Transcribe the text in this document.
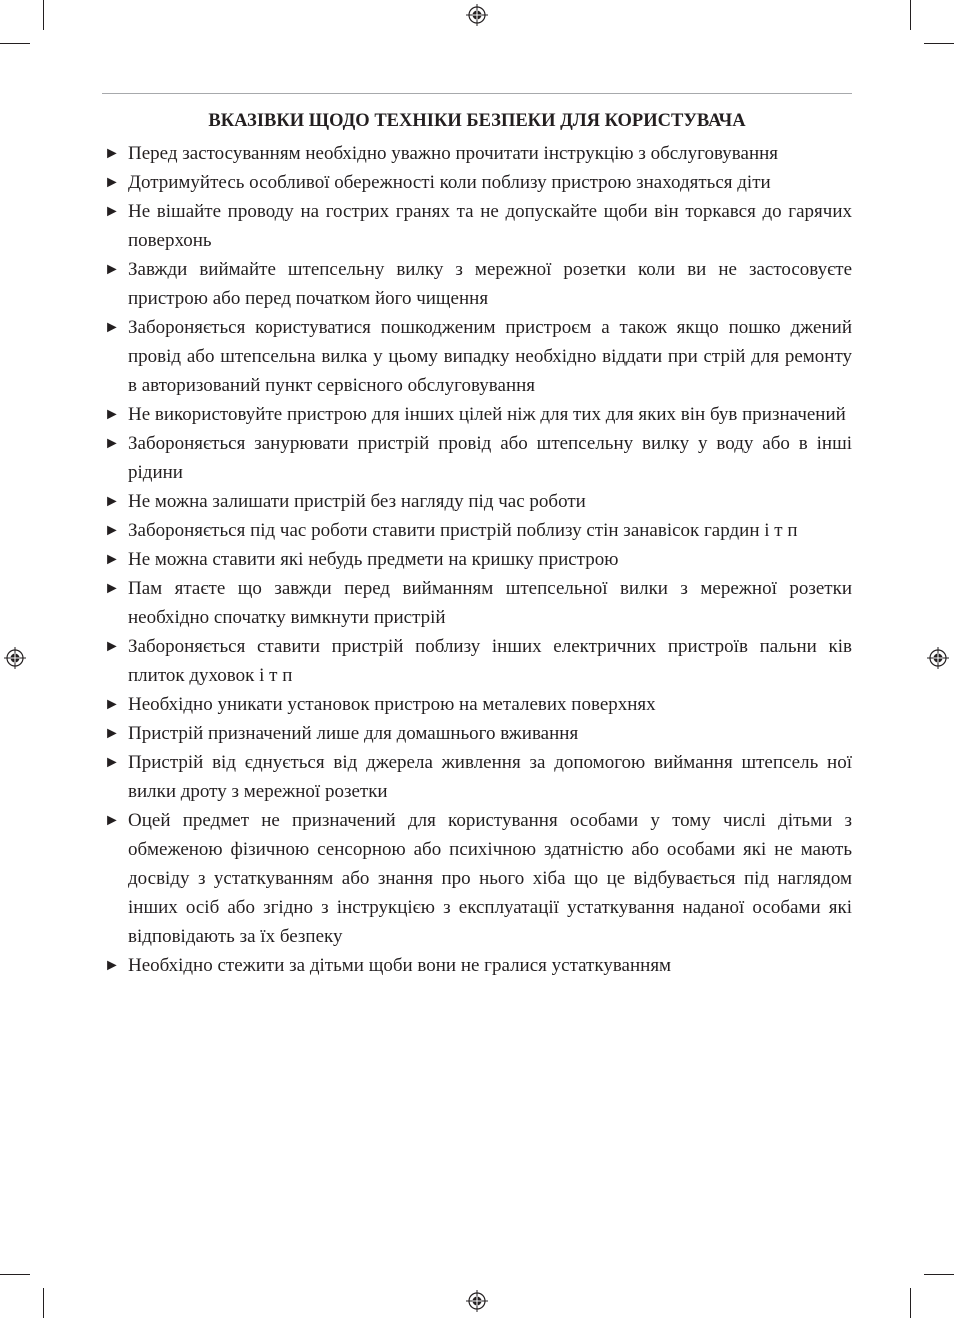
ВКАЗІВКИ ЩОДО ТЕХНІКИ БЕЗПЕКИ ДЛЯ КОРИСТУВАЧА
► Перед застосуванням необхідно уважно прочитати інструкцію з обслуговування
► Дотримуйтесь особливої обережності коли поблизу пристрою знаходяться діти
► Не вішайте проводу на гострих гранях та не допускайте щоби він торкався до гарячих поверхонь
► Завжди виймайте штепсельну вилку з мережної розетки коли ви не застосовуєте пристрою або перед початком його чищення
► Забороняється користуватися пошкодженим пристроєм а також якщо пошко джений провід або штепсельна вилка у цьому випадку необхідно віддати при стрій для ремонту в авторизований пункт сервісного обслуговування
► Не використовуйте пристрою для інших цілей ніж для тих для яких він був призначений
► Забороняється занурювати пристрій провід або штепсельну вилку у воду або в інші рідини
► Не можна залишати пристрій без нагляду під час роботи
► Забороняється під час роботи ставити пристрій поблизу стін занавісок гардин і т п
► Не можна ставити які небудь предмети на кришку пристрою
► Пам ятаєте що завжди перед вийманням штепсельної вилки з мережної розетки необхідно спочатку вимкнути пристрій
► Забороняється ставити пристрій поблизу інших електричних пристроїв пальни ків плиток духовок і т п
► Необхідно уникати установок пристрою на металевих поверхнях
► Пристрій призначений лише для домашнього вживання
► Пристрій від єднується від джерела живлення за допомогою виймання штепсель ної вилки дроту з мережної розетки
► Оцей предмет не призначений для користування особами у тому числі дітьми з обмеженою фізичною сенсорною або психічною здатністю або особами які не мають досвіду з устаткуванням або знання про нього хіба що це відбувається під наглядом інших осіб або згідно з інструкцією з експлуатації устаткування наданої особами які відповідають за їх безпеку
► Необхідно стежити за дітьми щоби вони не гралися устаткуванням
